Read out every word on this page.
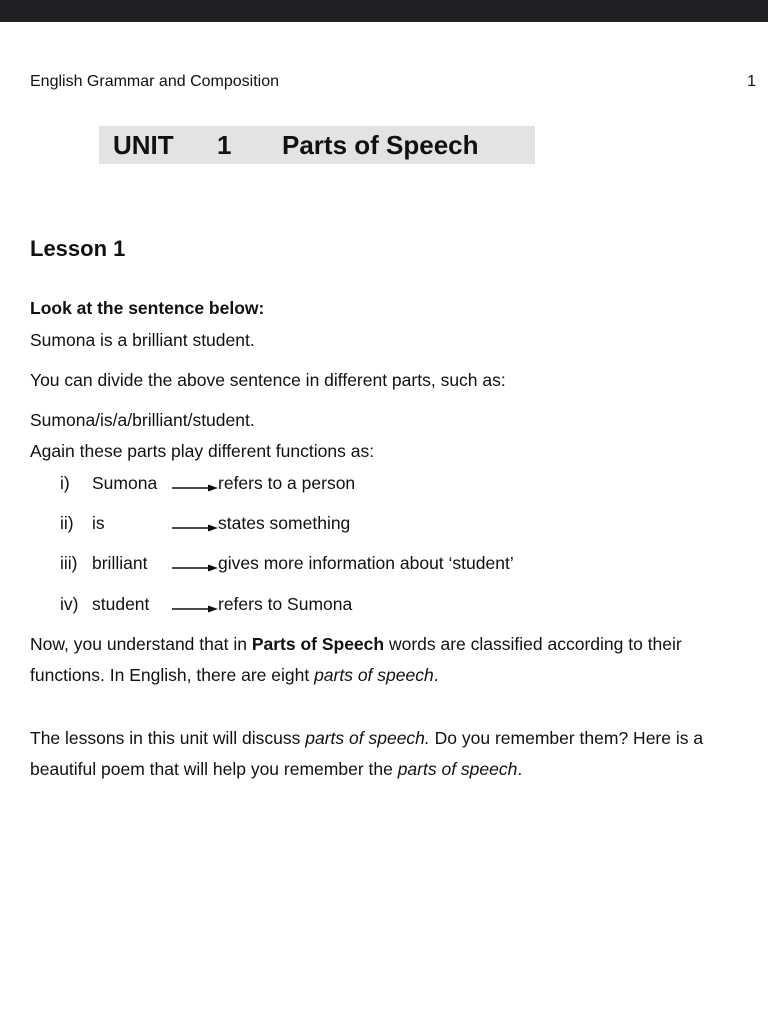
English Grammar and Composition	1
UNIT 1 Parts of Speech
Lesson 1
Look at the sentence below:
Sumona is a brilliant student.
You can divide the above sentence in different parts, such as:
Sumona/is/a/brilliant/student.
Again these parts play different functions as:
i) Sumona	refers to a person
ii) is	states something
iii) brilliant	gives more information about ‘student’
iv) student	refers to Sumona

Now, you understand that in Parts of Speech words are classified according to their functions. In English, there are eight parts of speech.

The lessons in this unit will discuss parts of speech. Do you remember them? Here is a beautiful poem that will help you remember the parts of speech.
